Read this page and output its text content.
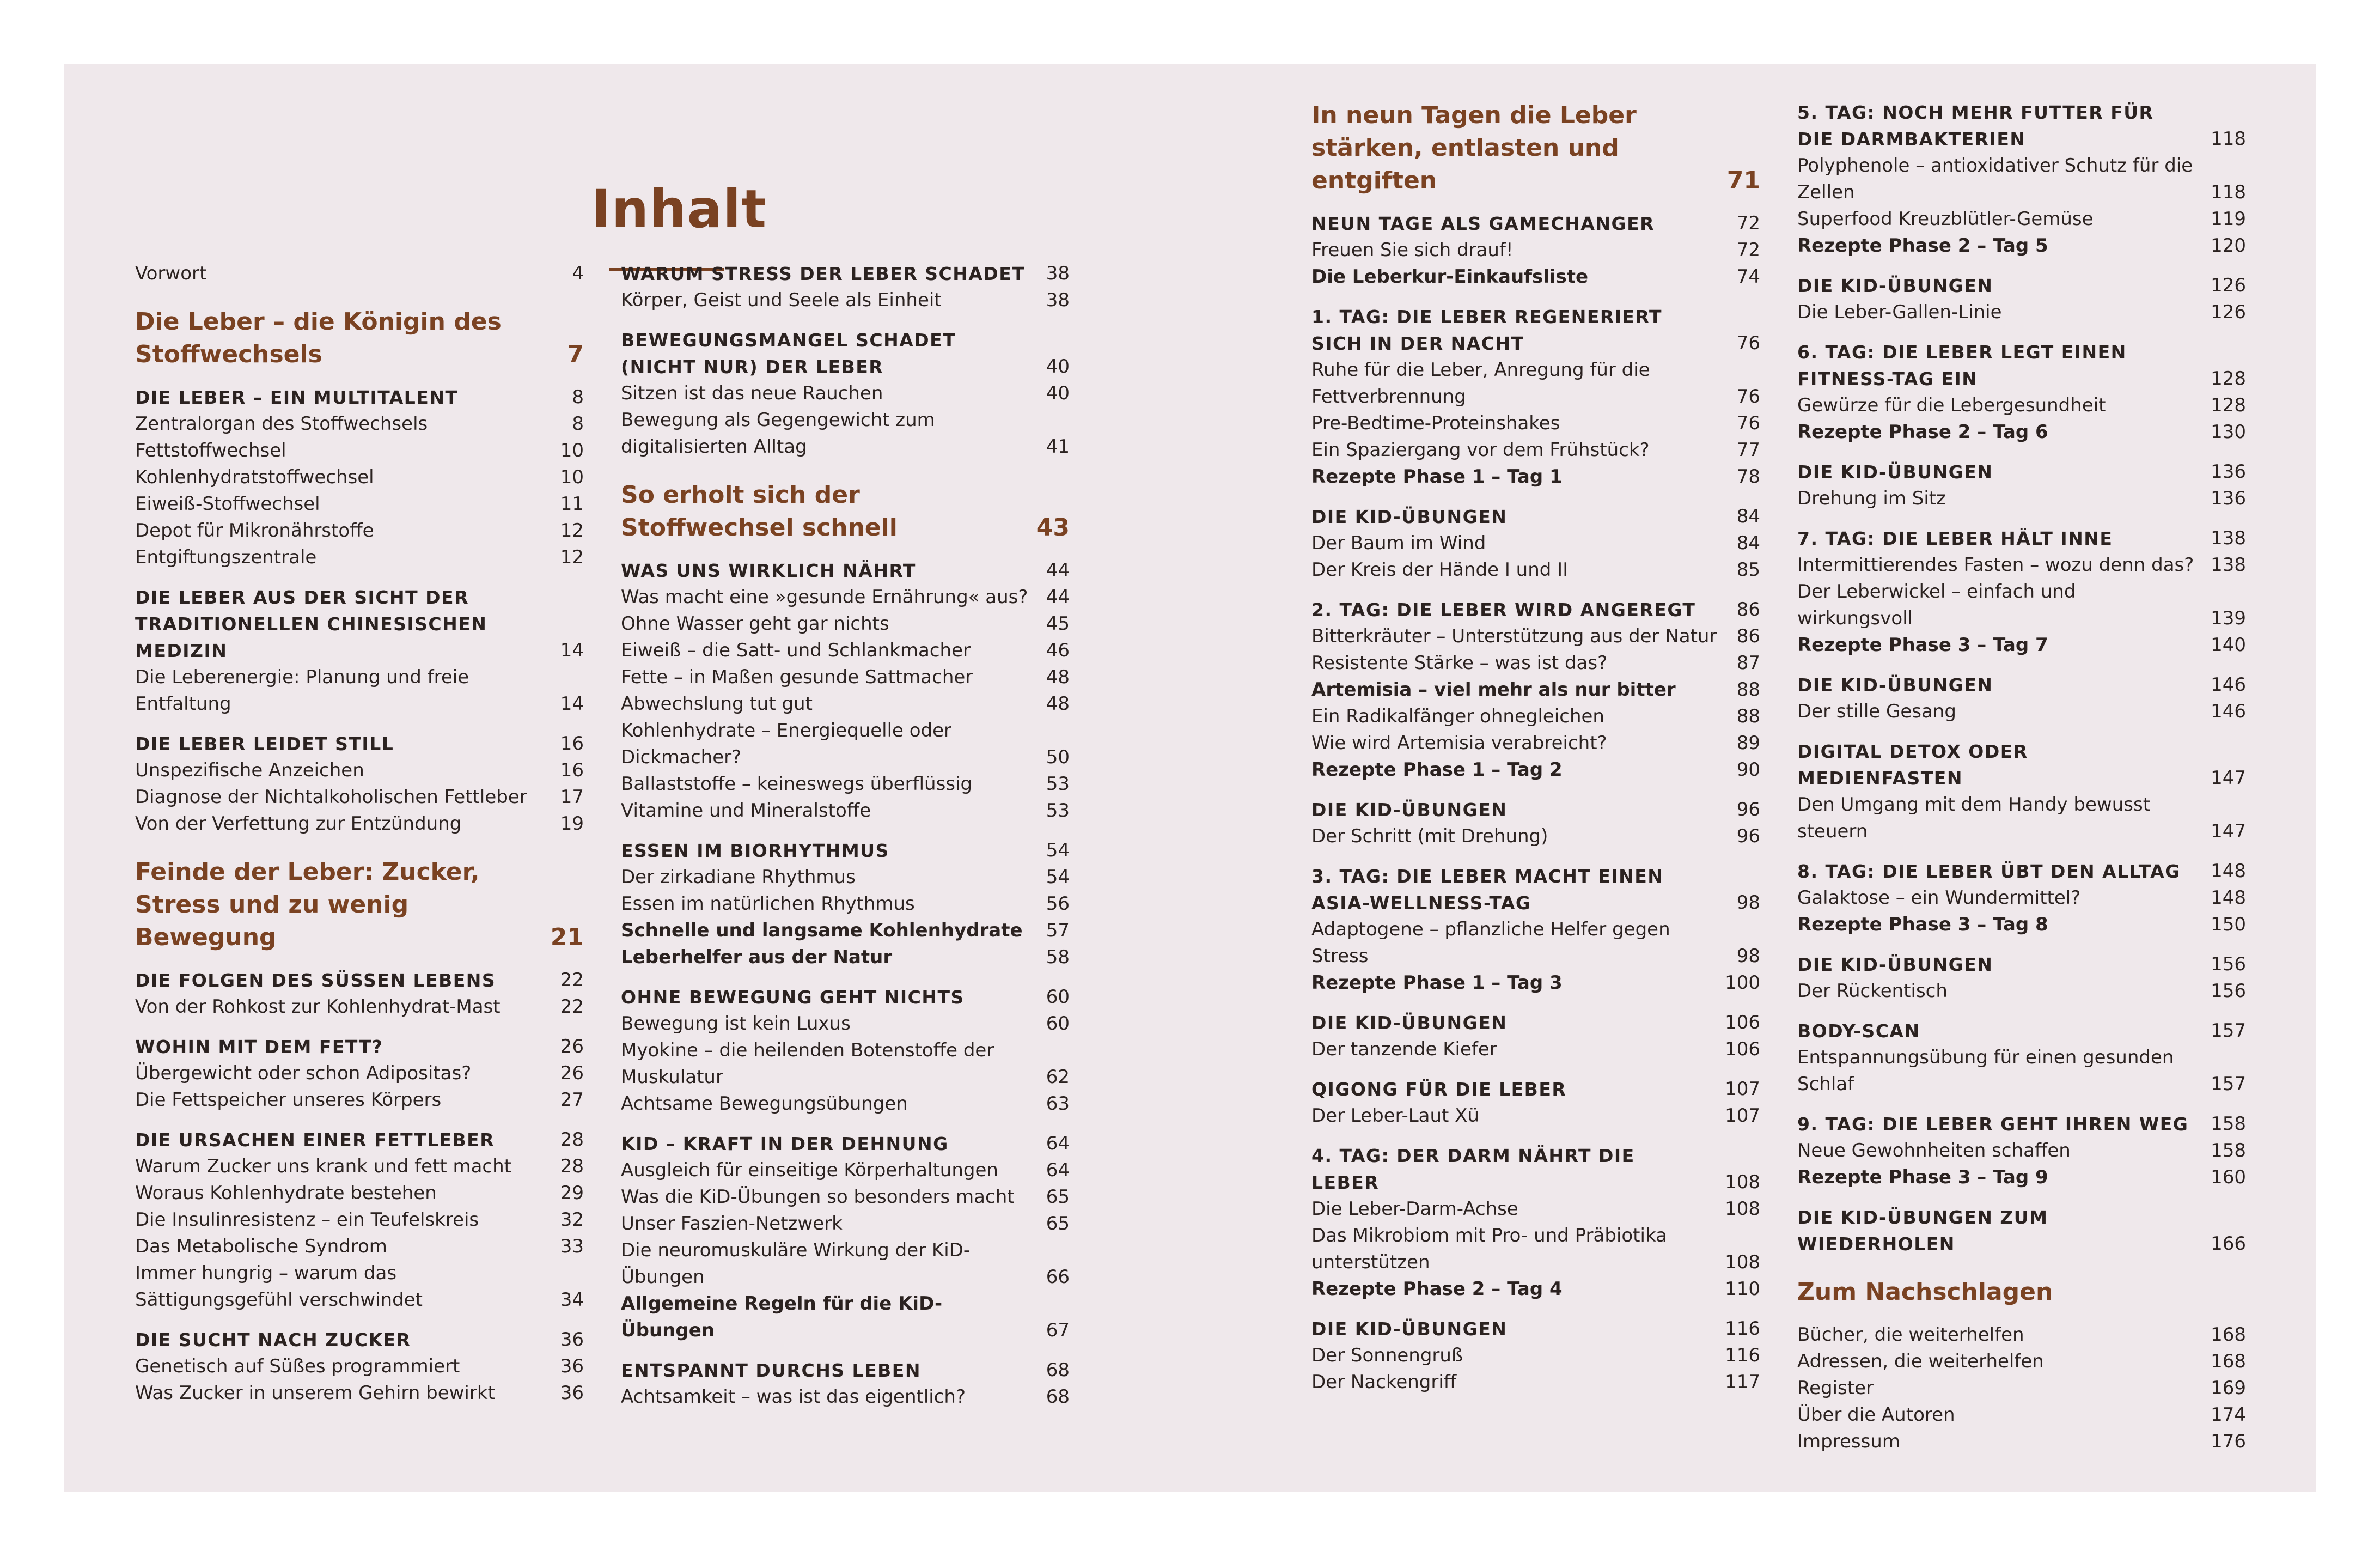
Inhalt
Vorwort	4
Die Leber – die Königin des Stoffwechsels	7
DIE LEBER – EIN MULTITALENT	8
Zentralorgan des Stoffwechsels	8
Fettstoffwechsel	10
Kohlenhydratstoffwechsel	10
Eiweiß-Stoffwechsel	11
Depot für Mikronährstoffe	12
Entgiftungszentrale	12
DIE LEBER AUS DER SICHT DER TRADITIONELLEN CHINESISCHEN MEDIZIN	14
Die Leberenergie: Planung und freie Entfaltung	14
DIE LEBER LEIDET STILL	16
Unspezifische Anzeichen	16
Diagnose der Nichtalkoholischen Fettleber	17
Von der Verfettung zur Entzündung	19
Feinde der Leber: Zucker, Stress und zu wenig Bewegung	21
DIE FOLGEN DES SÜSSEN LEBENS	22
Von der Rohkost zur Kohlenhydrat-Mast	22
WOHIN MIT DEM FETT?	26
Übergewicht oder schon Adipositas?	26
Die Fettspeicher unseres Körpers	27
DIE URSACHEN EINER FETTLEBER	28
Warum Zucker uns krank und fett macht	28
Woraus Kohlenhydrate bestehen	29
Die Insulinresistenz – ein Teufelskreis	32
Das Metabolische Syndrom	33
Immer hungrig – warum das Sättigungsgefühl verschwindet	34
DIE SUCHT NACH ZUCKER	36
Genetisch auf Süßes programmiert	36
Was Zucker in unserem Gehirn bewirkt	36
WARUM STRESS DER LEBER SCHADET	38
Körper, Geist und Seele als Einheit	38
BEWEGUNGSMANGEL SCHADET (NICHT NUR) DER LEBER	40
Sitzen ist das neue Rauchen	40
Bewegung als Gegengewicht zum digitalisierten Alltag	41
So erholt sich der Stoffwechsel schnell	43
WAS UNS WIRKLICH NÄHRT	44
Was macht eine »gesunde Ernährung« aus? 44
Ohne Wasser geht gar nichts	45
Eiweiß – die Satt- und Schlankmacher	46
Fette – in Maßen gesunde Sattmacher	48
Abwechslung tut gut	48
Kohlenhydrate – Energiequelle oder Dickmacher?	50
Ballaststoffe – keineswegs überflüssig	53
Vitamine und Mineralstoffe	53
ESSEN IM BIORHYTHMUS	54
Der zirkadiane Rhythmus	54
Essen im natürlichen Rhythmus	56
Schnelle und langsame Kohlenhydrate	57
Leberhelfer aus der Natur	58
OHNE BEWEGUNG GEHT NICHTS	60
Bewegung ist kein Luxus	60
Myokine – die heilenden Botenstoffe der Muskulatur	62
Achtsame Bewegungsübungen	63
KID – KRAFT IN DER DEHNUNG	64
Ausgleich für einseitige Körperhaltungen	64
Was die KiD-Übungen so besonders macht	65
Unser Faszien-Netzwerk	65
Die neuromuskuläre Wirkung der KiD-Übungen	66
Allgemeine Regeln für die KiD-Übungen	67
ENTSPANNT DURCHS LEBEN	68
Achtsamkeit – was ist das eigentlich?	68
In neun Tagen die Leber stärken, entlasten und entgiften	71
NEUN TAGE ALS GAMECHANGER	72
Freuen Sie sich drauf!	72
Die Leberkur-Einkaufsliste	74
1. TAG: DIE LEBER REGENERIERT SICH IN DER NACHT	76
Ruhe für die Leber, Anregung für die Fettverbrennung	76
Pre-Bedtime-Proteinshakes	76
Ein Spaziergang vor dem Frühstück?	77
Rezepte Phase 1 – Tag 1	78
DIE KID-ÜBUNGEN	84
Der Baum im Wind	84
Der Kreis der Hände I und II	85
2. TAG: DIE LEBER WIRD ANGEREGT	86
Bitterkräuter – Unterstützung aus der Natur	86
Resistente Stärke – was ist das?	87
Artemisia – viel mehr als nur bitter	88
Ein Radikalfänger ohnegleichen	88
Wie wird Artemisia verabreicht?	89
Rezepte Phase 1 – Tag 2	90
DIE KID-ÜBUNGEN	96
Der Schritt (mit Drehung)	96
3. TAG: DIE LEBER MACHT EINEN ASIA-WELLNESS-TAG	98
Adaptogene – pflanzliche Helfer gegen Stress	98
Rezepte Phase 1 – Tag 3	100
DIE KID-ÜBUNGEN	106
Der tanzende Kiefer	106
QIGONG FÜR DIE LEBER	107
Der Leber-Laut Xü	107
4. TAG: DER DARM NÄHRT DIE LEBER	108
Die Leber-Darm-Achse	108
Das Mikrobiom mit Pro- und Präbiotika unterstützen	108
Rezepte Phase 2 – Tag 4	110
DIE KID-ÜBUNGEN	116
Der Sonnengruß	116
Der Nackengriff	117
5. TAG: NOCH MEHR FUTTER FÜR DIE DARMBAKTERIEN	118
Polyphenole – antioxidativer Schutz für die Zellen	118
Superfood Kreuzblütler-Gemüse	119
Rezepte Phase 2 – Tag 5	120
DIE KID-ÜBUNGEN	126
Die Leber-Gallen-Linie	126
6. TAG: DIE LEBER LEGT EINEN FITNESS-TAG EIN	128
Gewürze für die Lebergesundheit	128
Rezepte Phase 2 – Tag 6	130
DIE KID-ÜBUNGEN	136
Drehung im Sitz	136
7. TAG: DIE LEBER HÄLT INNE	138
Intermittierendes Fasten – wozu denn das? 138
Der Leberwickel – einfach und wirkungsvoll	139
Rezepte Phase 3 – Tag 7	140
DIE KID-ÜBUNGEN	146
Der stille Gesang	146
DIGITAL DETOX ODER MEDIENFASTEN	147
Den Umgang mit dem Handy bewusst steuern	147
8. TAG: DIE LEBER ÜBT DEN ALLTAG	148
Galaktose – ein Wundermittel?	148
Rezepte Phase 3 – Tag 8	150
DIE KID-ÜBUNGEN	156
Der Rückentisch	156
BODY-SCAN	157
Entspannungsübung für einen gesunden Schlaf	157
9. TAG: DIE LEBER GEHT IHREN WEG	158
Neue Gewohnheiten schaffen	158
Rezepte Phase 3 – Tag 9	160
DIE KID-ÜBUNGEN ZUM WIEDERHOLEN	166
Zum Nachschlagen
Bücher, die weiterhelfen	168
Adressen, die weiterhelfen	168
Register	169
Über die Autoren	174
Impressum	176
